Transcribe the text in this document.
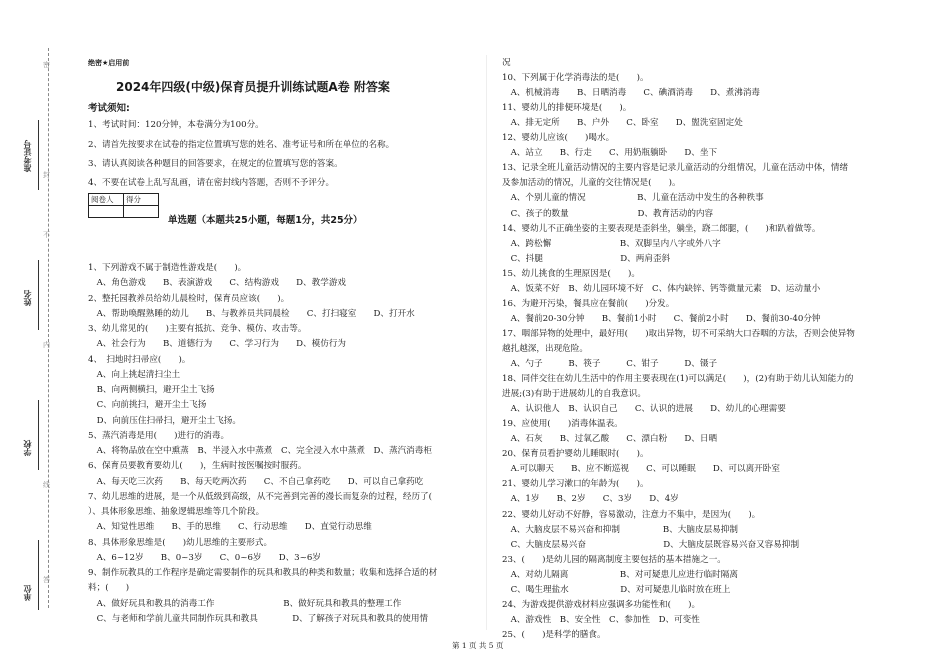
准考证号
姓名
学校
单位
密
封
不
内
线
答
绝密★启用前
2024年四级(中级)保育员提升训练试题A卷 附答案
考试须知:
1、考试时间：120分钟，本卷满分为100分。
2、请首先按要求在试卷的指定位置填写您的姓名、准考证号和所在单位的名称。
3、请认真阅读各种题目的回答要求，在规定的位置填写您的答案。
4、不要在试卷上乱写乱画，请在密封线内答题，否则不予评分。
阅卷人	得分

单选题（本题共25小题，每题1分，共25分）
1、下列游戏不属于制造性游戏是(　　)。
　A、角色游戏　　B、表演游戏　　C、结构游戏　　D、教学游戏
2、整托园教养员给幼儿晨检时，保育员应该(　　)。
　A、帮助唤醒熟睡的幼儿　　B、与教养员共同晨检　　C、打扫寝室　　D、打开水
3、幼儿常见的(　　)主要有抵抗、竞争、模仿、攻击等。
　A、社会行为　　B、道德行为　　C、学习行为　　D、模仿行为
4、　扫地时扫帚应(　　)。
　A、向上挑起清扫尘土
　B、向两侧横扫，避开尘土飞扬
　C、向前挑扫，避开尘土飞扬
　D、向前压住扫帚扫，避开尘土飞扬。
5、蒸汽消毒是用(　　)进行的消毒。
　A、将物品放在空中熏蒸　B、半浸入水中蒸煮　C、完全浸入水中蒸煮　D、蒸汽消毒柜
6、保育员要教育要幼儿(　　)，生病时按医嘱按时服药。
　A、每天吃三次药　　B、每天吃两次药　　C、不自己拿药吃　　D、可以自己拿药吃
7、幼儿思维的进展，是一个从低级到高级，从不完善到完善的漫长而复杂的过程，经历了(　　
）、具体形象思维、抽象逻辑思维等几个阶段。
　A、知觉性思维　　B、手的思维　　C、行动思维　　D、直觉行动思维
8、具体形象思维是(　　)幼儿思维的主要形式。
　A、6~12岁　　B、0~3岁　　C、0~6岁　　D、3~6岁
9、制作玩教具的工作程序是确定需要制作的玩具和教具的种类和数量；收集和选择合适的材
料；(　　)
　A、做好玩具和教具的消毒工作　　　　　　　　B、做好玩具和教具的整理工作
　C、与老师和学前儿童共同制作玩具和教具　　　　D、了解孩子对玩具和教具的使用情
况
10、下列属于化学消毒法的是(　　)。
　A、机械消毒　　B、日晒消毒　　C、碘酒消毒　　D、煮沸消毒
11、婴幼儿的排便环境是(　　)。
　A、排无定所　　B、户外　　C、卧室　　D、盥洗室固定处
12、婴幼儿应该(　　)喝水。
　A、站立　　B、行走　　C、用奶瓶躺卧　　D、坐下
13、记录全班儿童活动情况的主要内容是记录儿童活动的分组情况，儿童在活动中体，情绪
及参加活动的情况，儿童的交往情况是(　　)。
　A、个别儿童的情况　　　　　　B、儿童在活动中发生的各种秩事
　C、孩子的数量　　　　　　　　D、教育活动的内容
14、婴幼儿不正确坐姿的主要表现是歪斜坐，躺坐，跷二郎腿，(　　)和趴着做等。
　A、跨松懈　　　　　　　　B、双脚呈内八字或外八字
　C、抖腿　　　　　　　　　D、两肩歪斜
15、幼儿挑食的生理原因是(　　)。
　A、饭菜不好　B、幼儿园环境不好　C、体内缺锌、钙等微量元素　D、运动量小
16、为避开污染，餐具应在餐前(　　)分发。
　A、餐前20-30分钟　　B、餐前1小时　　C、餐前2小时　　D、餐前30-40分钟
17、咽部异物的处理中，最好用(　　)取出异物，切不可采纳大口吞咽的方法，否则会使异物
越扎越深，出现危险。
　A、勺子　　　B、筷子　　　C、钳子　　　D、镊子
18、同伴交往在幼儿生活中的作用主要表现在(1)可以满足(　　)，(2)有助于幼儿认知能力的
进展;(3)有助于进展幼儿的自我意识。
　A、认识他人　B、认识自己　　C、认识的进展　　D、幼儿的心理需要
19、应使用(　　)消毒体温表。
　A、石灰　　B、过氧乙酸　　C、漂白粉　　D、日晒
20、保育员看护婴幼儿睡眠时(　　)。
　A.可以聊天　　B、应不断巡视　　C、可以睡眠　　D、可以离开卧室
21、婴幼儿学习漱口的年龄为(　　)。
　A、1岁　　B、2岁　　C、3岁　　D、4岁
22、婴幼儿好动不好静，容易激动，注意力不集中，是因为(　　)。
　A、大脑皮层不易兴奋和抑制　　　　　B、大脑皮层易抑制
　C、大脑皮层易兴奋　　　　　　　　　D、大脑皮层既容易兴奋又容易抑制
23、(　　)是幼儿园的隔离制度主要包括的基本措施之一。
　A、对幼儿隔离　　　　　　B、对可疑患儿应进行临时隔离
　C、喝生理盐水　　　　　　D、对可疑患儿临时放在班上
24、为游戏提供游戏材料应强调多功能性和(　　)。
　A、游戏性　B、安全性　C、参加性　D、可变性
25、(　　)是科学的膳食。
第 1 页 共 5 页
